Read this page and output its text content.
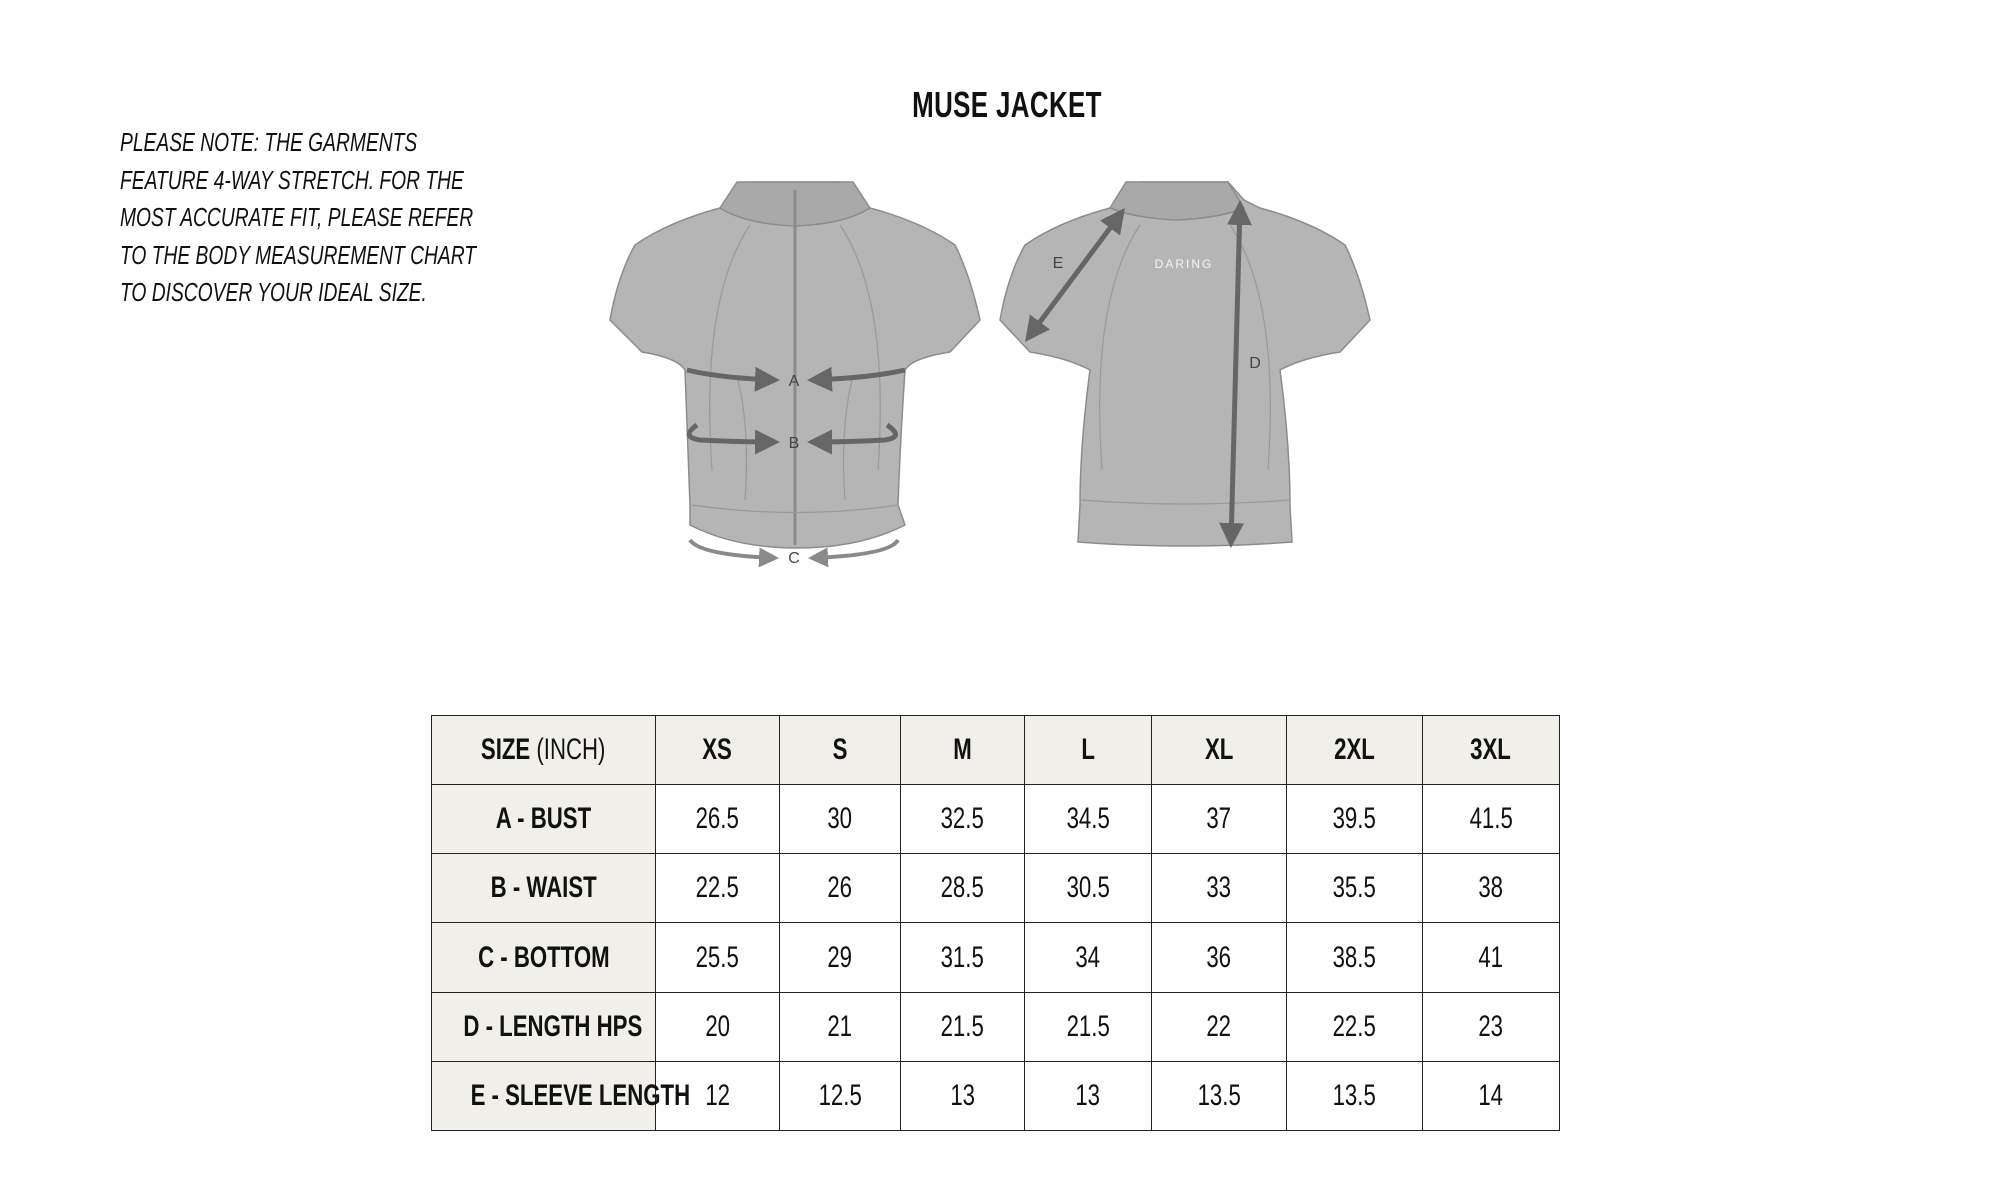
PLEASE NOTE: THE GARMENTS
FEATURE 4-WAY STRETCH. FOR THE
MOST ACCURATE FIT, PLEASE REFER
TO THE BODY MEASUREMENT CHART
TO DISCOVER YOUR IDEAL SIZE.
MUSE JACKET
A
B
C
DARING
E
D
SIZE (INCH)	XS	S	M	L	XL	2XL	3XL
A - BUST	26.5	30	32.5	34.5	37	39.5	41.5
B - WAIST	22.5	26	28.5	30.5	33	35.5	38
C - BOTTOM	25.5	29	31.5	34	36	38.5	41
D - LENGTH HPS	20	21	21.5	21.5	22	22.5	23
E - SLEEVE LENGTH	12	12.5	13	13	13.5	13.5	14
